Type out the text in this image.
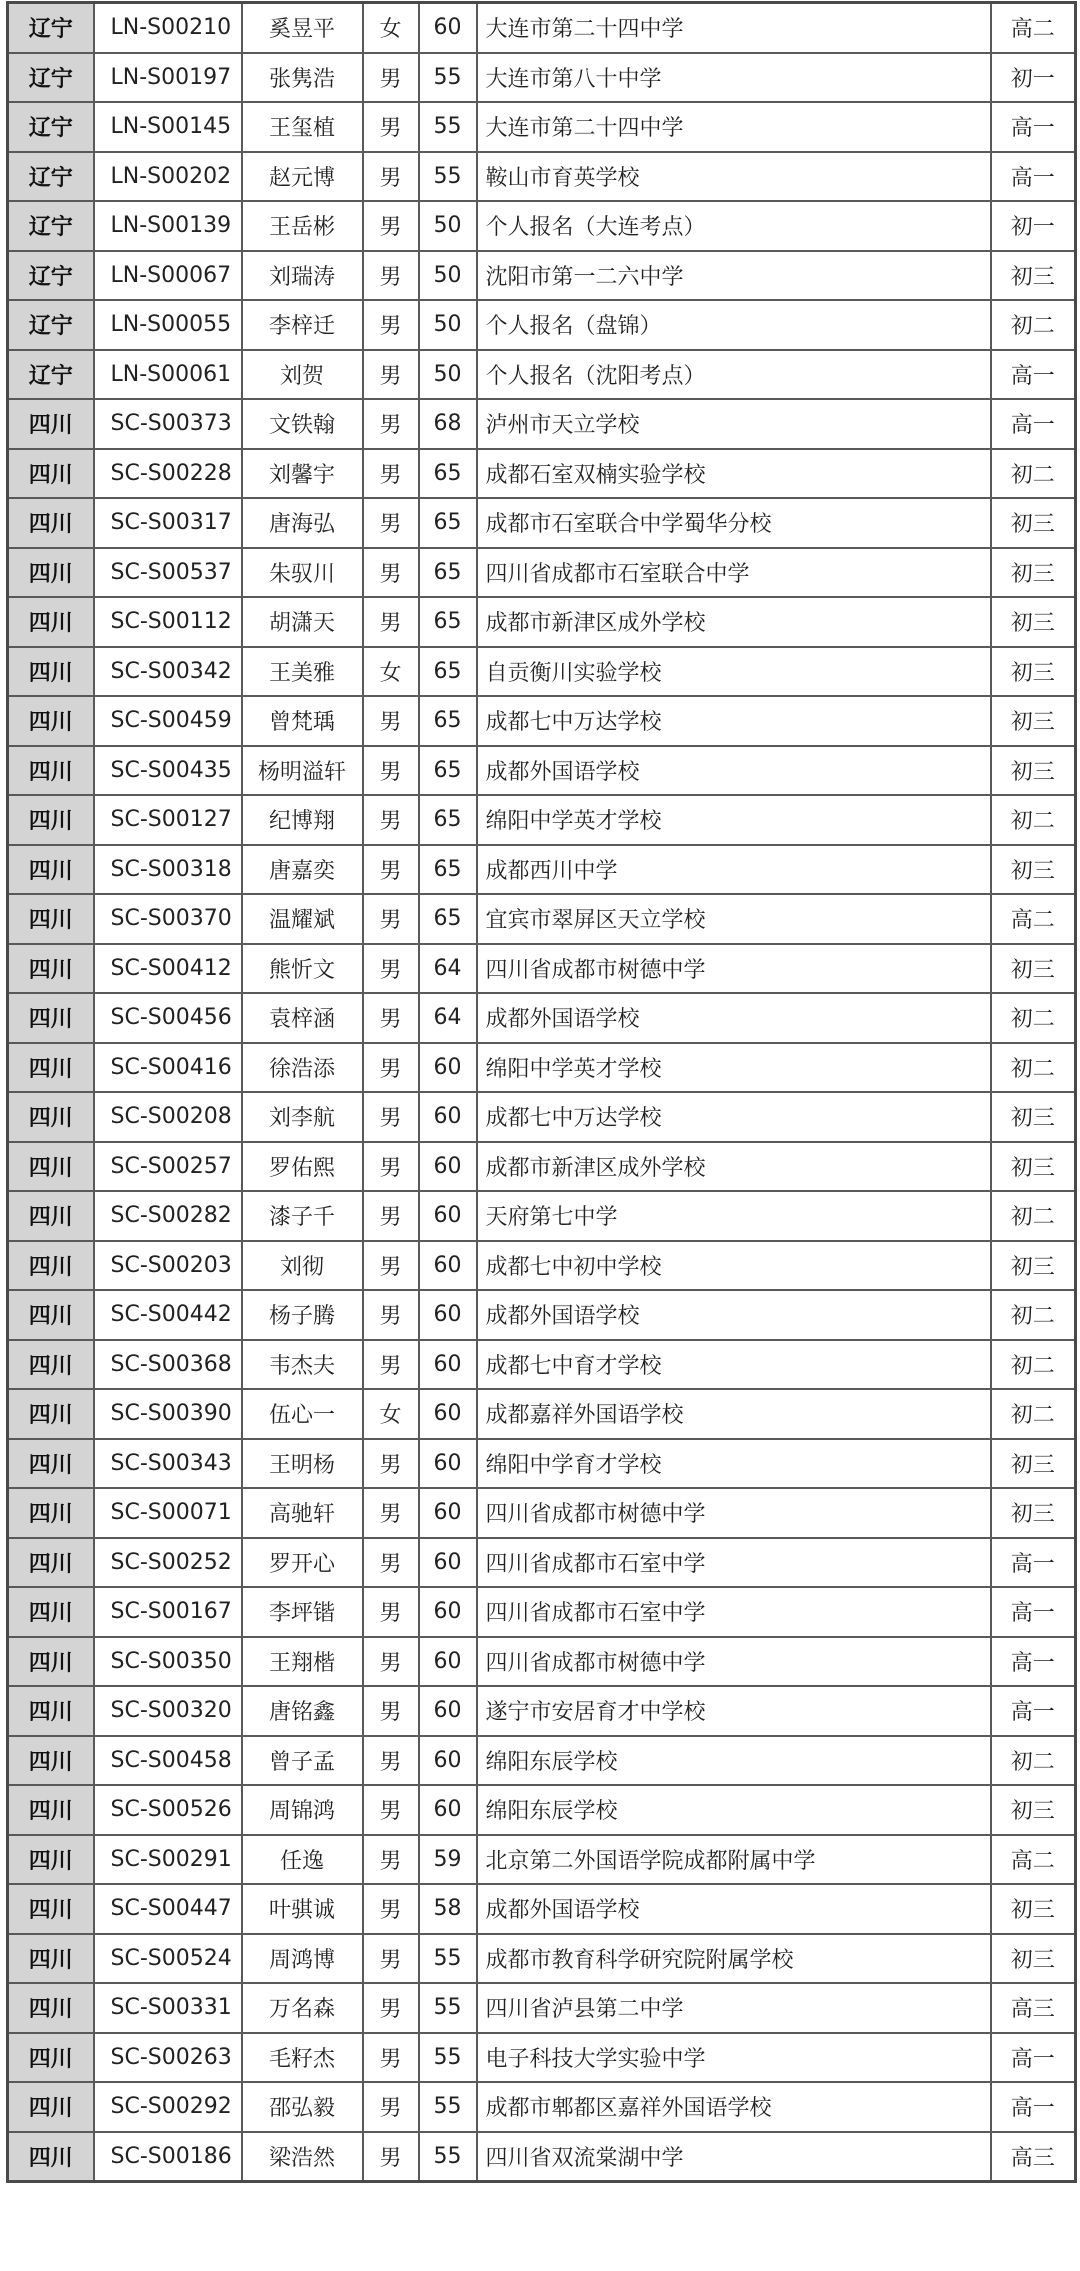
辽宁	LN-S00210	奚昱平	女	60	大连市第二十四中学	高二
辽宁	LN-S00197	张隽浩	男	55	大连市第八十中学	初一
辽宁	LN-S00145	王玺植	男	55	大连市第二十四中学	高一
辽宁	LN-S00202	赵元博	男	55	鞍山市育英学校	高一
辽宁	LN-S00139	王岳彬	男	50	个人报名（大连考点）	初一
辽宁	LN-S00067	刘瑞涛	男	50	沈阳市第一二六中学	初三
辽宁	LN-S00055	李梓迁	男	50	个人报名（盘锦）	初二
辽宁	LN-S00061	刘贺	男	50	个人报名（沈阳考点）	高一
四川	SC-S00373	文铁翰	男	68	泸州市天立学校	高一
四川	SC-S00228	刘馨宇	男	65	成都石室双楠实验学校	初二
四川	SC-S00317	唐海弘	男	65	成都市石室联合中学蜀华分校	初三
四川	SC-S00537	朱驭川	男	65	四川省成都市石室联合中学	初三
四川	SC-S00112	胡潇天	男	65	成都市新津区成外学校	初三
四川	SC-S00342	王美雅	女	65	自贡衡川实验学校	初三
四川	SC-S00459	曾梵瑀	男	65	成都七中万达学校	初三
四川	SC-S00435	杨明溢轩	男	65	成都外国语学校	初三
四川	SC-S00127	纪博翔	男	65	绵阳中学英才学校	初二
四川	SC-S00318	唐嘉奕	男	65	成都西川中学	初三
四川	SC-S00370	温耀斌	男	65	宜宾市翠屏区天立学校	高二
四川	SC-S00412	熊忻文	男	64	四川省成都市树德中学	初三
四川	SC-S00456	袁梓涵	男	64	成都外国语学校	初二
四川	SC-S00416	徐浩添	男	60	绵阳中学英才学校	初二
四川	SC-S00208	刘李航	男	60	成都七中万达学校	初三
四川	SC-S00257	罗佑熙	男	60	成都市新津区成外学校	初三
四川	SC-S00282	漆子千	男	60	天府第七中学	初二
四川	SC-S00203	刘彻	男	60	成都七中初中学校	初三
四川	SC-S00442	杨子腾	男	60	成都外国语学校	初二
四川	SC-S00368	韦杰夫	男	60	成都七中育才学校	初二
四川	SC-S00390	伍心一	女	60	成都嘉祥外国语学校	初二
四川	SC-S00343	王明杨	男	60	绵阳中学育才学校	初三
四川	SC-S00071	高驰轩	男	60	四川省成都市树德中学	初三
四川	SC-S00252	罗开心	男	60	四川省成都市石室中学	高一
四川	SC-S00167	李坪锴	男	60	四川省成都市石室中学	高一
四川	SC-S00350	王翔楷	男	60	四川省成都市树德中学	高一
四川	SC-S00320	唐铭鑫	男	60	遂宁市安居育才中学校	高一
四川	SC-S00458	曾子孟	男	60	绵阳东辰学校	初二
四川	SC-S00526	周锦鸿	男	60	绵阳东辰学校	初三
四川	SC-S00291	任逸	男	59	北京第二外国语学院成都附属中学	高二
四川	SC-S00447	叶骐诚	男	58	成都外国语学校	初三
四川	SC-S00524	周鸿博	男	55	成都市教育科学研究院附属学校	初三
四川	SC-S00331	万名森	男	55	四川省泸县第二中学	高三
四川	SC-S00263	毛籽杰	男	55	电子科技大学实验中学	高一
四川	SC-S00292	邵弘毅	男	55	成都市郫都区嘉祥外国语学校	高一
四川	SC-S00186	梁浩然	男	55	四川省双流棠湖中学	高三
